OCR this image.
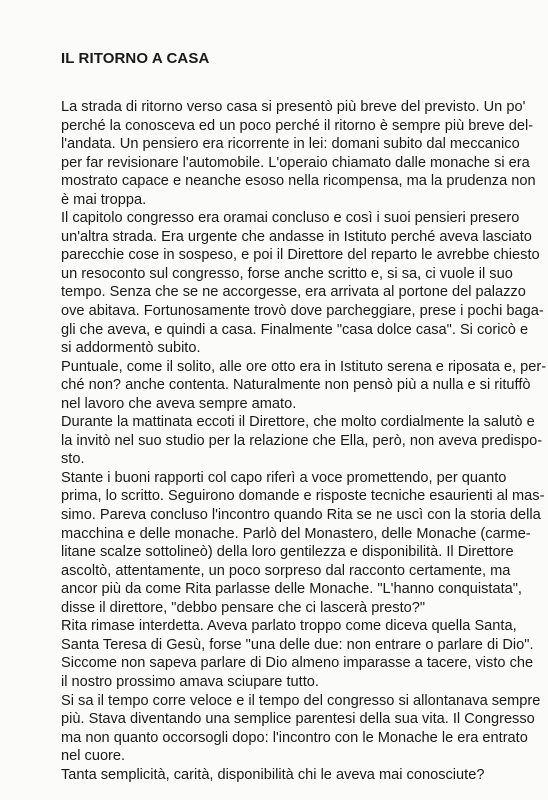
IL RITORNO A CASA
La strada di ritorno verso casa si presentò più breve del previsto. Un po'
perché la conosceva ed un poco perché il ritorno è sempre più breve del-
l'andata. Un pensiero era ricorrente in lei: domani subito dal meccanico
per far revisionare l'automobile. L'operaio chiamato dalle monache si era
mostrato capace e neanche esoso nella ricompensa, ma la prudenza non
è mai troppa.
Il capitolo congresso era oramai concluso e così i suoi pensieri presero
un'altra strada. Era urgente che andasse in Istituto perché aveva lasciato
parecchie cose in sospeso, e poi il Direttore del reparto le avrebbe chiesto
un resoconto sul congresso, forse anche scritto e, si sa, ci vuole il suo
tempo. Senza che se ne accorgesse, era arrivata al portone del palazzo
ove abitava. Fortunosamente trovò dove parcheggiare, prese i pochi baga-
gli che aveva, e quindi a casa. Finalmente "casa dolce casa". Si coricò e
si addormentò subito.
Puntuale, come il solito, alle ore otto era in Istituto serena e riposata e, per-
ché non? anche contenta. Naturalmente non pensò più a nulla e si rituffò
nel lavoro che aveva sempre amato.
Durante la mattinata eccoti il Direttore, che molto cordialmente la salutò e
la invitò nel suo studio per la relazione che Ella, però, non aveva predispo-
sto.
Stante i buoni rapporti col capo riferì a voce promettendo, per quanto
prima, lo scritto. Seguirono domande e risposte tecniche esaurienti al mas-
simo. Pareva concluso l'incontro quando Rita se ne uscì con la storia della
macchina e delle monache. Parlò del Monastero, delle Monache (carme-
litane scalze sottolineò) della loro gentilezza e disponibilità. Il Direttore
ascoltò, attentamente, un poco sorpreso dal racconto certamente, ma
ancor più da come Rita parlasse delle Monache. "L'hanno conquistata",
disse il direttore, "debbo pensare che ci lascerà presto?"
Rita rimase interdetta. Aveva parlato troppo come diceva quella Santa,
Santa Teresa di Gesù, forse "una delle due: non entrare o parlare di Dio".
Siccome non sapeva parlare di Dio almeno imparasse a tacere, visto che
il nostro prossimo amava sciupare tutto.
Si sa il tempo corre veloce e il tempo del congresso si allontanava sempre
più. Stava diventando una semplice parentesi della sua vita. Il Congresso
ma non quanto occorsogli dopo: l'incontro con le Monache le era entrato
nel cuore.
Tanta semplicità, carità, disponibilità chi le aveva mai conosciute?
